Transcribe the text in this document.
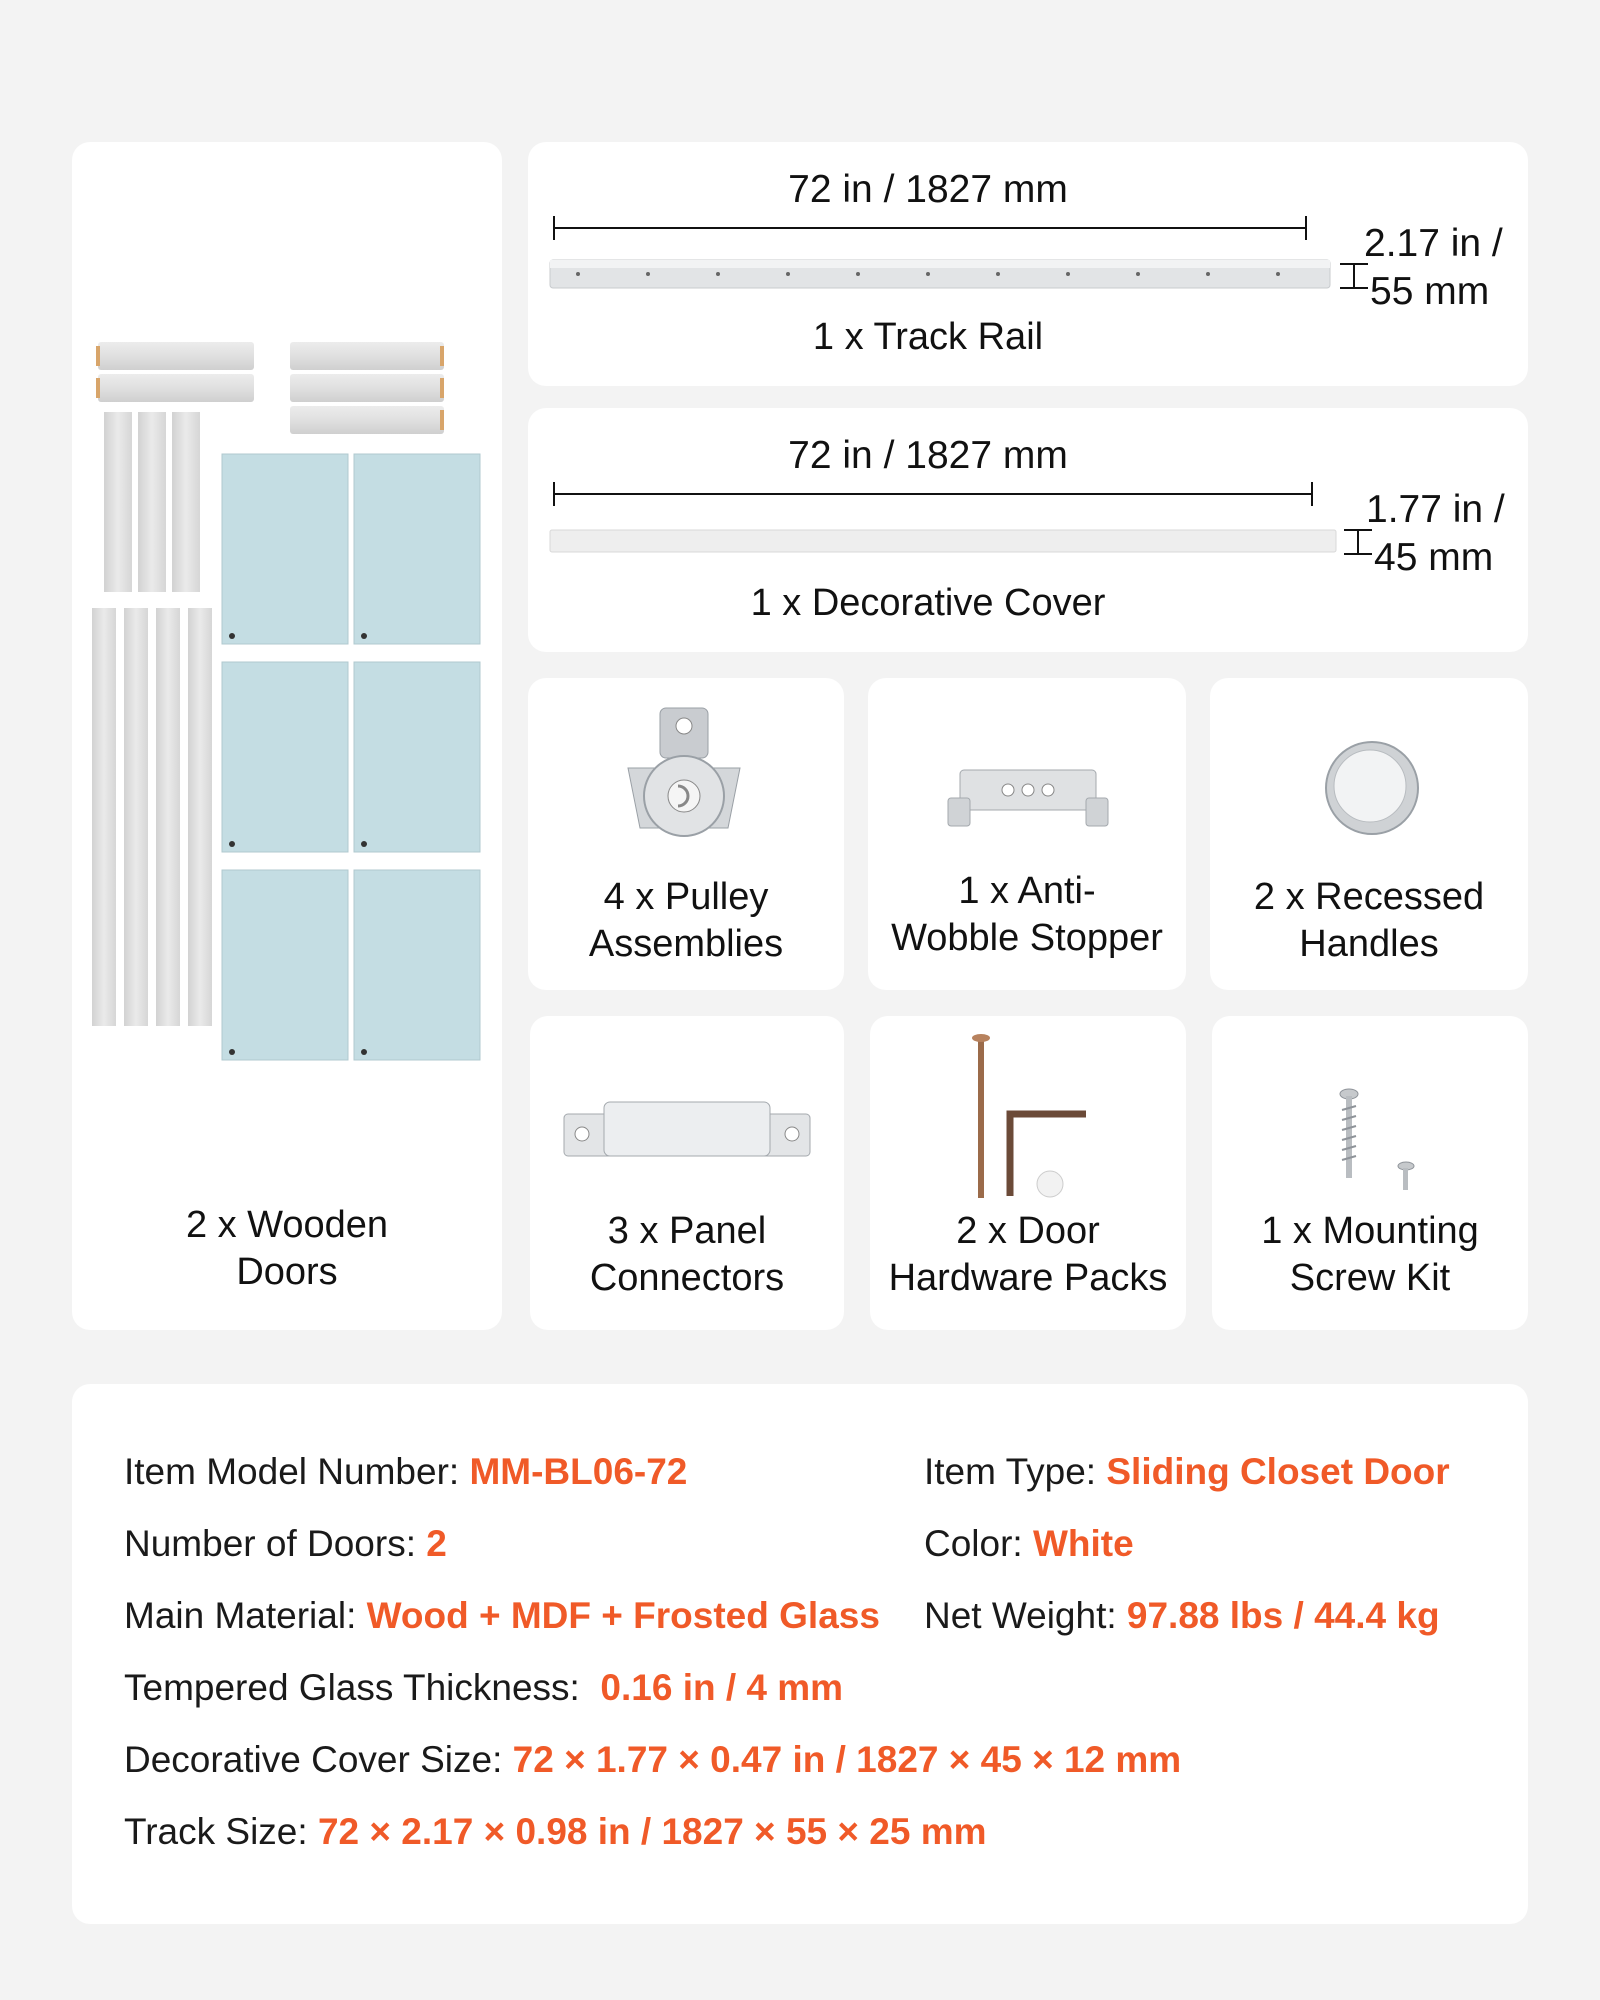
2 x Wooden
Doors
72 in / 1827 mm
2.17 in /
55 mm
1 x Track Rail
72 in / 1827 mm
1.77 in /
45 mm
1 x Decorative Cover
4 x Pulley
Assemblies
1 x Anti-
Wobble Stopper
2 x Recessed
Handles
3 x Panel
Connectors
2 x Door
Hardware Packs
1 x Mounting
Screw Kit
Item Model Number: MM-BL06-72	Item Type: Sliding Closet Door
Number of Doors: 2	Color: White
Main Material: Wood + MDF + Frosted Glass Net Weight: 97.88 lbs / 44.4 kg
Tempered Glass Thickness:  0.16 in / 4 mm
Decorative Cover Size: 72 × 1.77 × 0.47 in / 1827 × 45 × 12 mm
Track Size: 72 × 2.17 × 0.98 in / 1827 × 55 × 25 mm
